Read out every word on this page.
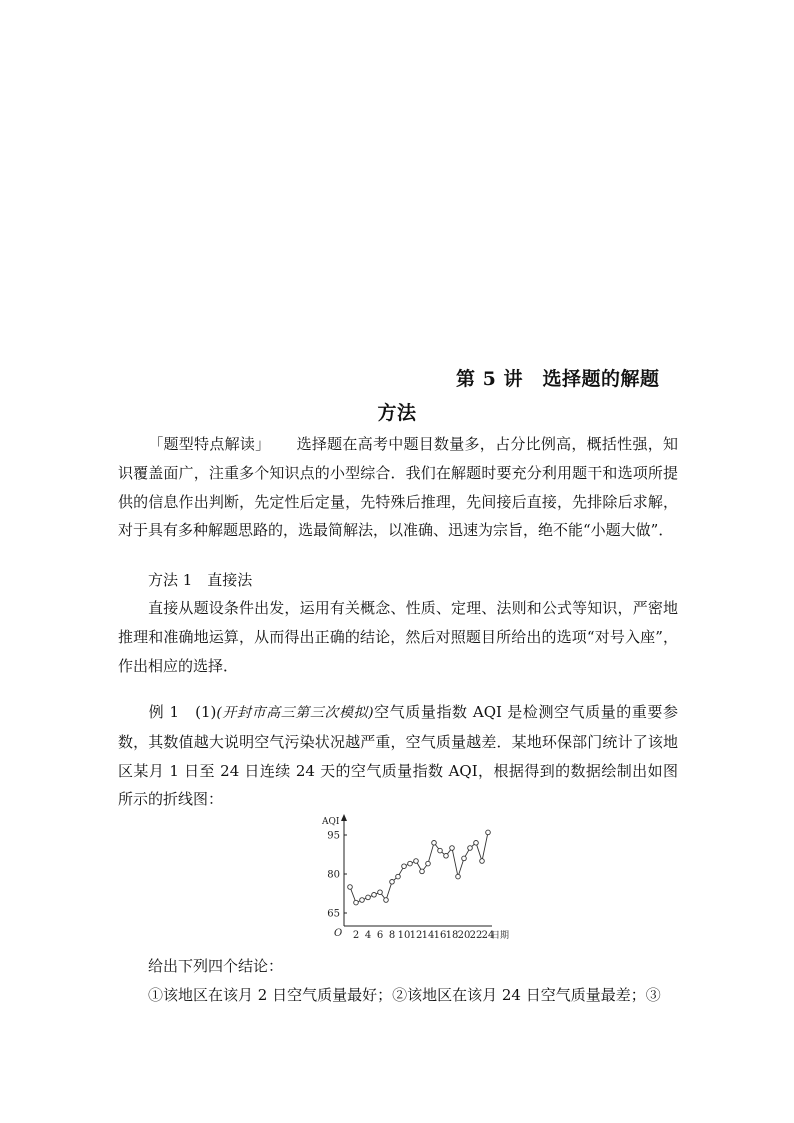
第 5 讲　选择题的解题
方法
「题型特点解读」 选择题在高考中题目数量多，占分比例高，概括性强，知识覆盖面广，注重多个知识点的小型综合．我们在解题时要充分利用题干和选项所提供的信息作出判断，先定性后定量，先特殊后推理，先间接后直接，先排除后求解，对于具有多种解题思路的，选最简解法，以准确、迅速为宗旨，绝不能“小题大做”．
方法 1　直接法
直接从题设条件出发，运用有关概念、性质、定理、法则和公式等知识，严密地推理和准确地运算，从而得出正确的结论，然后对照题目所给出的选项“对号入座”，作出相应的选择．
例 1　(1)(开封市高三第三次模拟)空气质量指数 AQI 是检测空气质量的重要参数，其数值越大说明空气污染状况越严重，空气质量越差．某地环保部门统计了该地区某月 1 日至 24 日连续 24 天的空气质量指数 AQI，根据得到的数据绘制出如图所示的折线图：
AQI
日期
O
65
80
95
2 4 6 8 10 12 14 16 18 20 22 24
给出下列四个结论：
①该地区在该月 2 日空气质量最好；②该地区在该月 24 日空气质量最差；③
